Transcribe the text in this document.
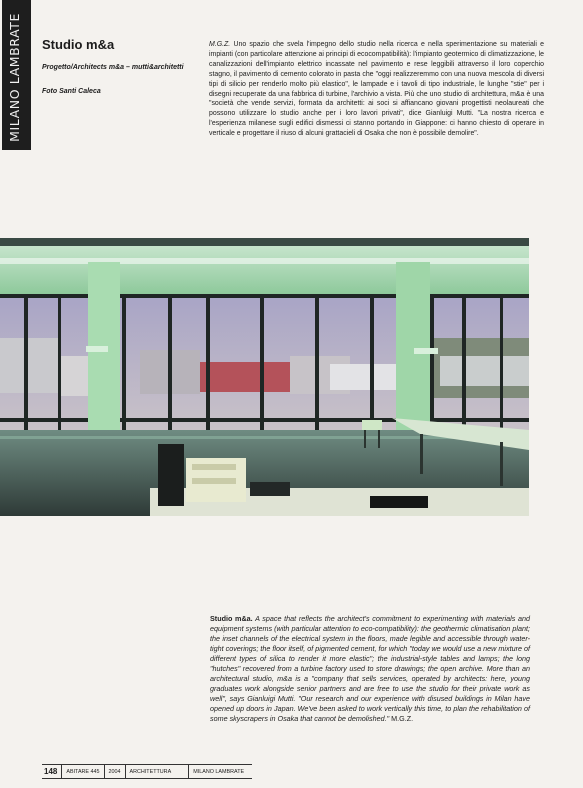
MILANO LAMBRATE Studio m&a
Progetto/Architects m&a – mutti&architetti
Foto Santi Caleca

M.G.Z. Uno spazio che svela l'impegno dello studio nella ricerca e nella sperimentazione su materiali e impianti (con particolare attenzione ai principi di ecocompatibilità): l'impianto geotermico di climatizzazione, le canalizzazioni dell'impianto elettrico incassate nel pavimento e rese leggibili attraverso il loro coperchio stagno, il pavimento di cemento colorato in pasta che "oggi realizzeremmo con una nuova mescola di diversi tipi di silicio per renderlo molto più elastico", le lampade e i tavoli di tipo industriale, le lunghe "stie" per i disegni recuperate da una fabbrica di turbine, l'archivio a vista. Più che uno studio di architettura, m&a è una "società che vende servizi, formata da architetti: ai soci si affiancano giovani progettisti neolaureati che possono utilizzare lo studio anche per i loro lavori privati", dice Gianluigi Mutti. "La nostra ricerca e l'esperienza milanese sugli edifici dismessi ci stanno portando in Giappone: ci hanno chiesto di operare in verticale e progettare il riuso di alcuni grattacieli di Osaka che non è possibile demolire".

Studio m&a. A space that reflects the architect's commitment to experimenting with materials and equipment systems (with particular attention to eco-compatibility): the geothermic climatisation plant; the inset channels of the electrical system in the floors, made legible and accessible through water-tight coverings; the floor itself, of pigmented cement, for which "today we would use a new mixture of different types of silica to render it more elastic"; the industrial-style tables and lamps; the long "hutches" recovered from a turbine factory used to store drawings; the open archive. More than an architectural studio, m&a is a "company that sells services, operated by architects: here, young graduates work alongside senior partners and are free to use the studio for their private work as well", says Gianluigi Mutti. "Our research and our experience with disused buildings in Milan have opened up doors in Japan. We've been asked to work vertically this time, to plan the rehabilitation of some skyscrapers in Osaka that cannot be demolished." M.G.Z.

148	ABITARE 445	2004	ARCHITETTURA	MILANO LAMBRATE
